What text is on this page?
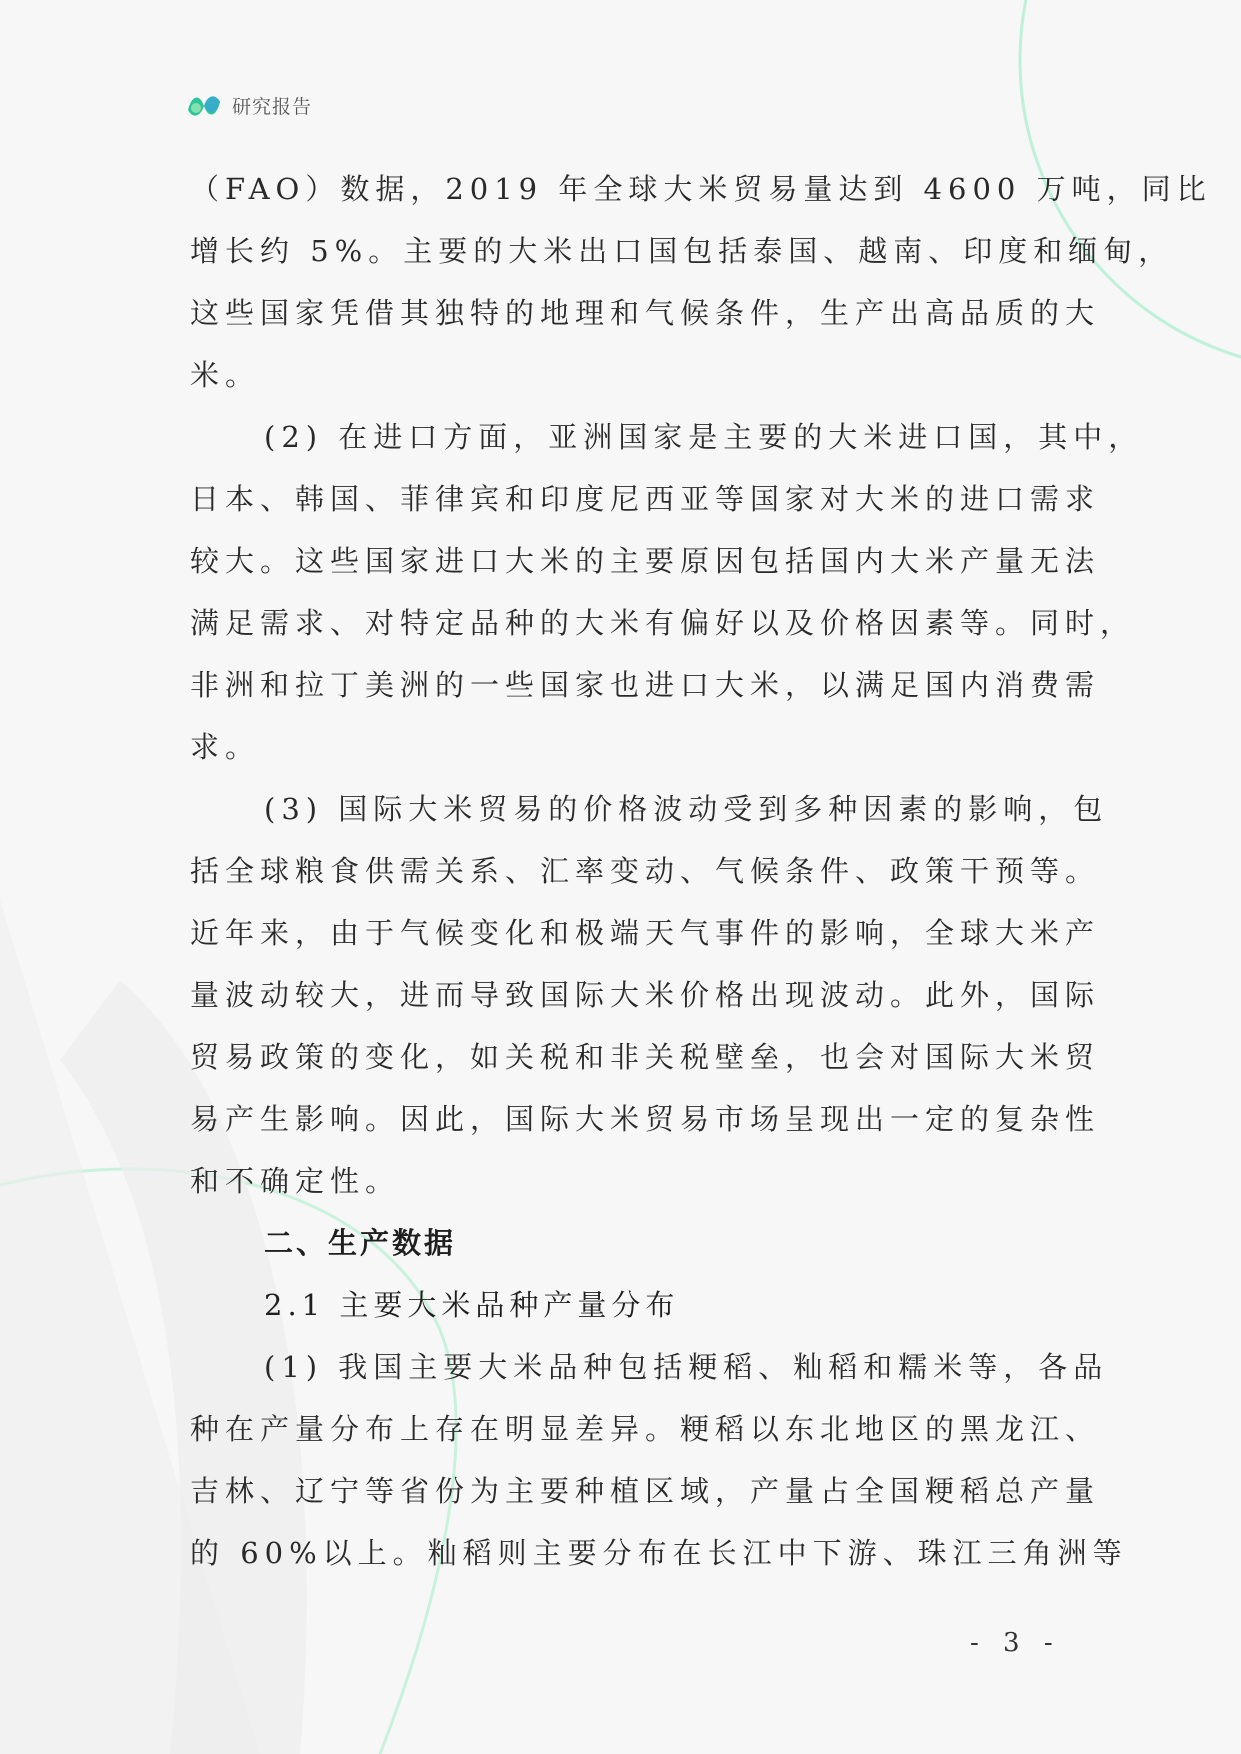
研究报告
（FAO）数据，2019 年全球大米贸易量达到 4600 万吨，同比
增长约 5%。主要的大米出口国包括泰国、越南、印度和缅甸，
这些国家凭借其独特的地理和气候条件，生产出高品质的大
米。
(2) 在进口方面，亚洲国家是主要的大米进口国，其中，
日本、韩国、菲律宾和印度尼西亚等国家对大米的进口需求
较大。这些国家进口大米的主要原因包括国内大米产量无法
满足需求、对特定品种的大米有偏好以及价格因素等。同时，
非洲和拉丁美洲的一些国家也进口大米，以满足国内消费需
求。
(3) 国际大米贸易的价格波动受到多种因素的影响，包
括全球粮食供需关系、汇率变动、气候条件、政策干预等。
近年来，由于气候变化和极端天气事件的影响，全球大米产
量波动较大，进而导致国际大米价格出现波动。此外，国际
贸易政策的变化，如关税和非关税壁垒，也会对国际大米贸
易产生影响。因此，国际大米贸易市场呈现出一定的复杂性
和不确定性。
二、生产数据
2.1 主要大米品种产量分布
(1) 我国主要大米品种包括粳稻、籼稻和糯米等，各品
种在产量分布上存在明显差异。粳稻以东北地区的黑龙江、
吉林、辽宁等省份为主要种植区域，产量占全国粳稻总产量
的 60%以上。籼稻则主要分布在长江中下游、珠江三角洲等
- 3 -
